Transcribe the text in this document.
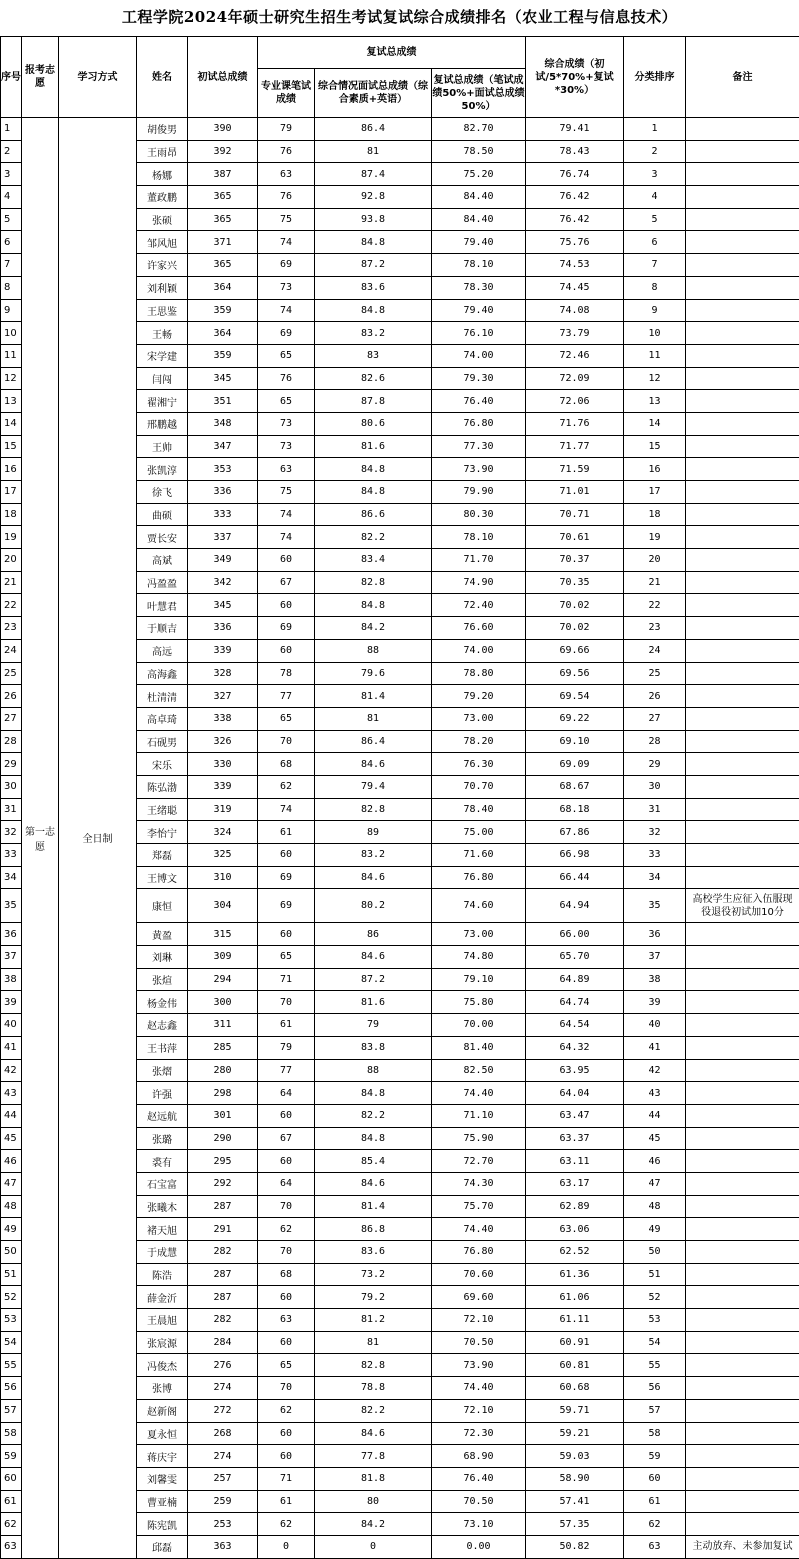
工程学院2024年硕士研究生招生考试复试综合成绩排名（农业工程与信息技术）
序号	报考志愿	学习方式	姓名	初试总成绩	复试总成绩			综合成绩（初试/5*70%+复试*30%）	分类排序	备注
					专业课笔试成绩	综合情况面试总成绩（综合素质+英语）	复试总成绩（笔试成绩50%+面试总成绩50%）			
1	第一志愿	全日制	胡俊男	390	79	86.4	82.70	79.41	1	
2			王雨昂	392	76	81	78.50	78.43	2	
3			杨娜	387	63	87.4	75.20	76.74	3	
4			董政鹏	365	76	92.8	84.40	76.42	4	
5			张硕	365	75	93.8	84.40	76.42	5	
6			邹风旭	371	74	84.8	79.40	75.76	6	
7			许家兴	365	69	87.2	78.10	74.53	7	
8			刘利颖	364	73	83.6	78.30	74.45	8	
9			王思鉴	359	74	84.8	79.40	74.08	9	
10			王畅	364	69	83.2	76.10	73.79	10	
11			宋学建	359	65	83	74.00	72.46	11	
12			闫闯	345	76	82.6	79.30	72.09	12	
13			翟湘宁	351	65	87.8	76.40	72.06	13	
14			邢鹏越	348	73	80.6	76.80	71.76	14	
15			王帅	347	73	81.6	77.30	71.77	15	
16			张凯淳	353	63	84.8	73.90	71.59	16	
17			徐飞	336	75	84.8	79.90	71.01	17	
18			曲硕	333	74	86.6	80.30	70.71	18	
19			贾长安	337	74	82.2	78.10	70.61	19	
20			高斌	349	60	83.4	71.70	70.37	20	
21			冯盈盈	342	67	82.8	74.90	70.35	21	
22			叶慧君	345	60	84.8	72.40	70.02	22	
23			于顺吉	336	69	84.2	76.60	70.02	23	
24			高远	339	60	88	74.00	69.66	24	
25			高海鑫	328	78	79.6	78.80	69.56	25	
26			杜清清	327	77	81.4	79.20	69.54	26	
27			高卓琦	338	65	81	73.00	69.22	27	
28			石砚男	326	70	86.4	78.20	69.10	28	
29			宋乐	330	68	84.6	76.30	69.09	29	
30			陈弘渤	339	62	79.4	70.70	68.67	30	
31			王绪聪	319	74	82.8	78.40	68.18	31	
32			李怡宁	324	61	89	75.00	67.86	32	
33			郑磊	325	60	83.2	71.60	66.98	33	
34			王博文	310	69	84.6	76.80	66.44	34	
35			康恒	304	69	80.2	74.60	64.94	35	高校学生应征入伍服现役退役初试加10分
36			黄盈	315	60	86	73.00	66.00	36	
37			刘琳	309	65	84.6	74.80	65.70	37	
38			张煊	294	71	87.2	79.10	64.89	38	
39			杨金伟	300	70	81.6	75.80	64.74	39	
40			赵志鑫	311	61	79	70.00	64.54	40	
41			王书萍	285	79	83.8	81.40	64.32	41	
42			张熠	280	77	88	82.50	63.95	42	
43			许强	298	64	84.8	74.40	64.04	43	
44			赵远航	301	60	82.2	71.10	63.47	44	
45			张璐	290	67	84.8	75.90	63.37	45	
46			裘有	295	60	85.4	72.70	63.11	46	
47			石宝富	292	64	84.6	74.30	63.17	47	
48			张曦木	287	70	81.4	75.70	62.89	48	
49			褚天旭	291	62	86.8	74.40	63.06	49	
50			于成慧	282	70	83.6	76.80	62.52	50	
51			陈浩	287	68	73.2	70.60	61.36	51	
52			薛金沂	287	60	79.2	69.60	61.06	52	
53			王晨旭	282	63	81.2	72.10	61.11	53	
54			张宸源	284	60	81	70.50	60.91	54	
55			冯俊杰	276	65	82.8	73.90	60.81	55	
56			张博	274	70	78.8	74.40	60.68	56	
57			赵新阁	272	62	82.2	72.10	59.71	57	
58			夏永恒	268	60	84.6	72.30	59.21	58	
59			蒋庆宇	274	60	77.8	68.90	59.03	59	
60			刘馨雯	257	71	81.8	76.40	58.90	60	
61			曹亚楠	259	61	80	70.50	57.41	61	
62			陈宪凯	253	62	84.2	73.10	57.35	62	
63			邱磊	363	0	0	0.00	50.82	63	主动放弃、未参加复试
